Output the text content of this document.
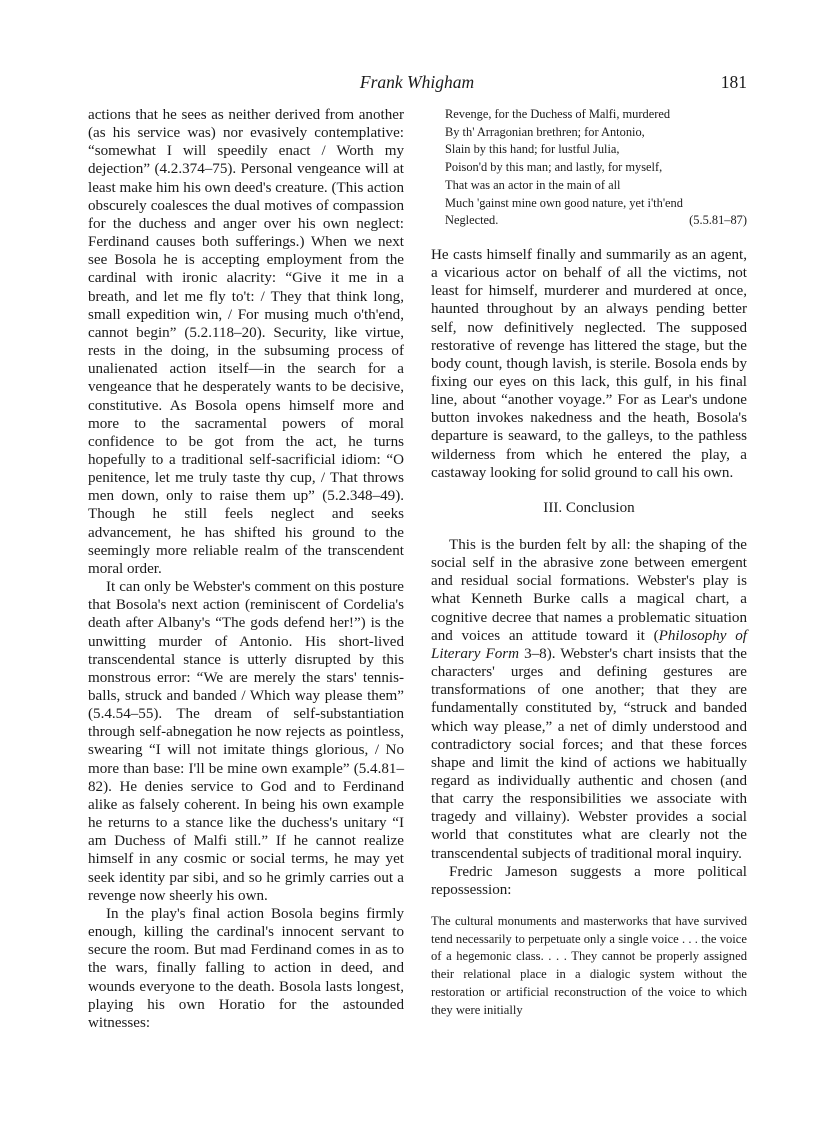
Frank Whigham	181

actions that he sees as neither derived from another (as his service was) nor evasively contemplative: “somewhat I will speedily enact / Worth my dejection” (4.2.374–75). Personal vengeance will at least make him his own deed's creature. (This action obscurely coalesces the dual motives of compassion for the duchess and anger over his own neglect: Ferdinand causes both sufferings.) When we next see Bosola he is accepting employment from the cardinal with ironic alacrity: “Give it me in a breath, and let me fly to't: / They that think long, small expedition win, / For musing much o'th'end, cannot begin” (5.2.118–20). Security, like virtue, rests in the doing, in the subsuming process of unalienated action itself—in the search for a vengeance that he desperately wants to be decisive, constitutive. As Bosola opens himself more and more to the sacramental powers of moral confidence to be got from the act, he turns hopefully to a traditional self-sacrificial idiom: “O penitence, let me truly taste thy cup, / That throws men down, only to raise them up” (5.2.348–49). Though he still feels neglect and seeks advancement, he has shifted his ground to the seemingly more reliable realm of the transcendent moral order.

It can only be Webster's comment on this posture that Bosola's next action (reminiscent of Cordelia's death after Albany's “The gods defend her!”) is the unwitting murder of Antonio. His short-lived transcendental stance is utterly disrupted by this monstrous error: “We are merely the stars' tennis-balls, struck and banded / Which way please them” (5.4.54–55). The dream of self-substantiation through self-abnegation he now rejects as pointless, swearing “I will not imitate things glorious, / No more than base: I'll be mine own example” (5.4.81–82). He denies service to God and to Ferdinand alike as falsely coherent. In being his own example he returns to a stance like the duchess's unitary “I am Duchess of Malfi still.” If he cannot realize himself in any cosmic or social terms, he may yet seek identity par sibi, and so he grimly carries out a revenge now sheerly his own.

In the play's final action Bosola begins firmly enough, killing the cardinal's innocent servant to secure the room. But mad Ferdinand comes in as to the wars, finally falling to action in deed, and wounds everyone to the death. Bosola lasts longest, playing his own Horatio for the astounded witnesses:

Revenge, for the Duchess of Malfi, murdered
By th' Arragonian brethren; for Antonio,
Slain by this hand; for lustful Julia,
Poison'd by this man; and lastly, for myself,
That was an actor in the main of all
Much 'gainst mine own good nature, yet i'th'end
Neglected.	(5.5.81–87)

He casts himself finally and summarily as an agent, a vicarious actor on behalf of all the victims, not least for himself, murderer and murdered at once, haunted throughout by an always pending better self, now definitively neglected. The supposed restorative of revenge has littered the stage, but the body count, though lavish, is sterile. Bosola ends by fixing our eyes on this lack, this gulf, in his final line, about “another voyage.” For as Lear's undone button invokes nakedness and the heath, Bosola's departure is seaward, to the galleys, to the pathless wilderness from which he entered the play, a castaway looking for solid ground to call his own.

III. Conclusion

This is the burden felt by all: the shaping of the social self in the abrasive zone between emergent and residual social formations. Webster's play is what Kenneth Burke calls a magical chart, a cognitive decree that names a problematic situation and voices an attitude toward it (Philosophy of Literary Form 3–8). Webster's chart insists that the characters' urges and defining gestures are transformations of one another; that they are fundamentally constituted by, “struck and banded which way please,” a net of dimly understood and contradictory social forces; and that these forces shape and limit the kind of actions we habitually regard as individually authentic and chosen (and that carry the responsibilities we associate with tragedy and villainy). Webster provides a social world that constitutes what are clearly not the transcendental subjects of traditional moral inquiry.

Fredric Jameson suggests a more political repossession:

The cultural monuments and masterworks that have survived tend necessarily to perpetuate only a single voice . . . the voice of a hegemonic class. . . . They cannot be properly assigned their relational place in a dialogic system without the restoration or artificial reconstruction of the voice to which they were initially
